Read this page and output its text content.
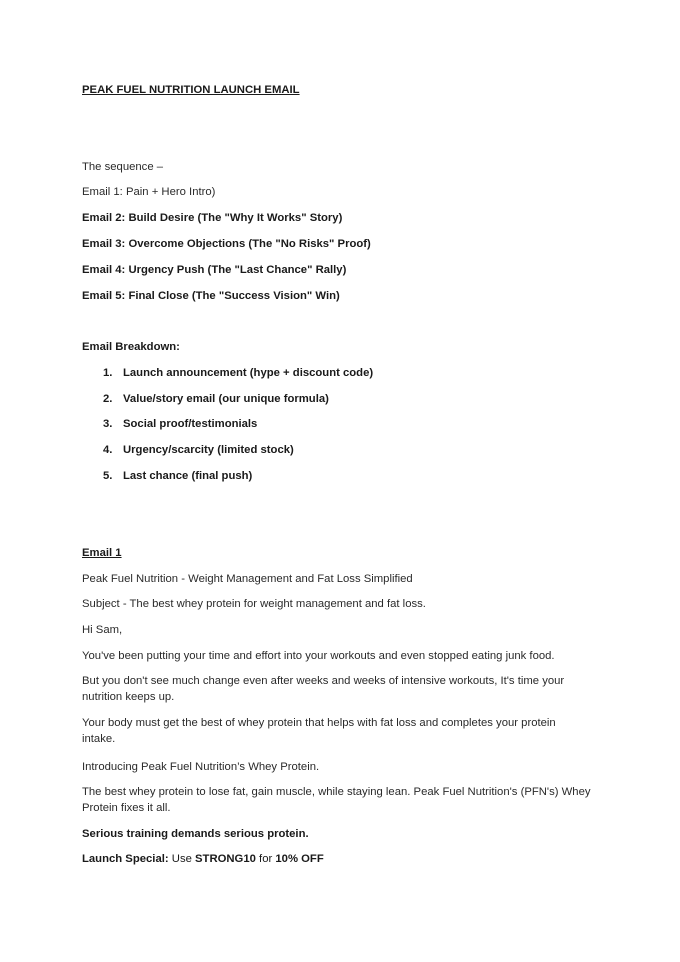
PEAK FUEL NUTRITION LAUNCH EMAIL
The sequence –
Email 1: Pain + Hero Intro)
Email 2: Build Desire (The "Why It Works" Story)
Email 3: Overcome Objections (The "No Risks" Proof)
Email 4: Urgency Push (The "Last Chance" Rally)
Email 5: Final Close (The "Success Vision" Win)
Email Breakdown:
1. Launch announcement (hype + discount code)
2. Value/story email (our unique formula)
3. Social proof/testimonials
4. Urgency/scarcity (limited stock)
5. Last chance (final push)
Email 1
Peak Fuel Nutrition - Weight Management and Fat Loss Simplified
Subject - The best whey protein for weight management and fat loss.
Hi Sam,
You've been putting your time and effort into your workouts and even stopped eating junk food.
But you don't see much change even after weeks and weeks of intensive workouts, It's time your nutrition keeps up.
Your body must get the best of whey protein that helps with fat loss and completes your protein intake.
Introducing Peak Fuel Nutrition’s Whey Protein.
The best whey protein to lose fat, gain muscle, while staying lean. Peak Fuel Nutrition's (PFN's) Whey Protein fixes it all.
Serious training demands serious protein.
Launch Special: Use STRONG10 for 10% OFF
